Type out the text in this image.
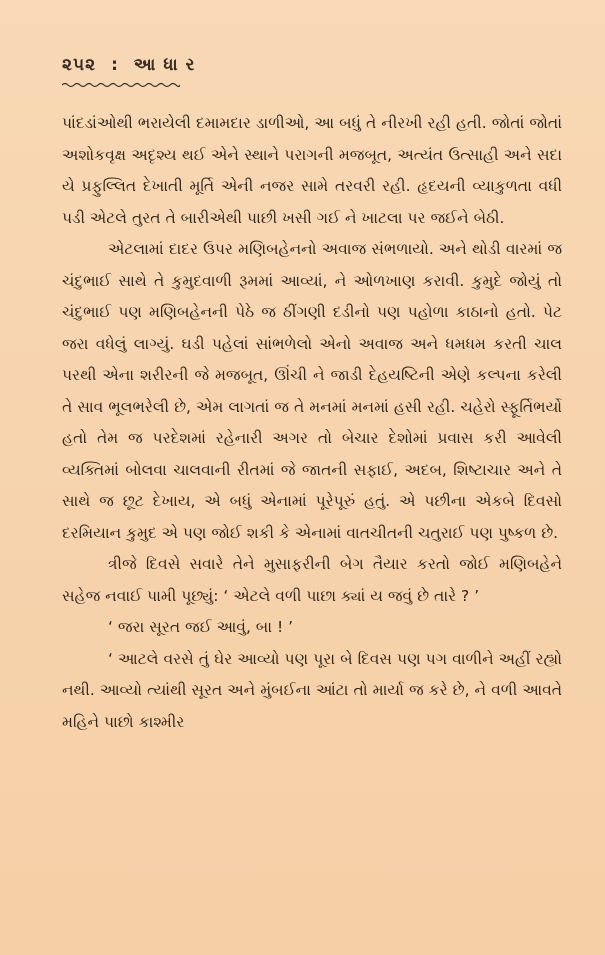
૨૫૨ : આ ધા ર

પાંદડાંઓથી ભરાયેલી દમામદાર ડાળીઓ, આ બધું તે નીરખી રહી હતી. જોતાં જોતાં અશોકવૃક્ષ અદૃશ્ય થઈ એને સ્થાને પરાગની મજબૂત, અત્યંત ઉત્સાહી અને સદા યે પ્રફુલ્લિત દેખાતી મૂર્તિ એની નજર સામે તરવરી રહી. હૃદયની વ્યાકુળતા વધી પડી એટલે તુરત તે બારીએથી પાછી ખસી ગઈ ને ખાટલા પર જઈને બેઠી.

એટલામાં દાદર ઉપર મણિબહેનનો અવાજ સંભળાયો. અને થોડી વારમાં જ ચંદુભાઈ સાથે તે કુમુદવાળી રૂમમાં આવ્યાં, ને ઓળખાણ કરાવી. કુમુદે જોયું તો ચંદુભાઈ પણ મણિબહેનની પેઠે જ ઠીંગણી દડીનો પણ પહોળા કાઠાનો હતો. પેટ જરા વધેલું લાગ્યું. ઘડી પહેલાં સાંભળેલો એનો અવાજ અને ધમધમ કરતી ચાલ પરથી એના શરીરની જે મજબૂત, ઊંચી ને જાડી દેહયષ્ટિની એણે કલ્પના કરેલી તે સાવ ભૂલભરેલી છે, એમ લાગતાં જ તે મનમાં મનમાં હસી રહી. ચહેરો સ્ફૂર્તિભર્યો હતો તેમ જ પરદેશમાં રહેનારી અગર તો બેચાર દેશોમાં પ્રવાસ કરી આવેલી વ્યક્તિમાં બોલવા ચાલવાની રીતમાં જે જાતની સફાઈ, અદબ, શિષ્ટાચાર અને તે સાથે જ છૂટ દેખાય, એ બધું એનામાં પૂરેપૂરું હતું. એ પછીના એકબે દિવસો દરમિયાન કુમુદ એ પણ જોઈ શકી કે એનામાં વાતચીતની ચતુરાઈ પણ પુષ્કળ છે.

ત્રીજે દિવસે સવારે તેને મુસાફરીની બેગ તૈયાર કરતો જોઈ મણિબહેને સહેજ નવાઈ પામી પૂછ્યું: ‘ એટલે વળી પાછા ક્યાં ય જવું છે તારે ? ’

‘ જરા સૂરત જઈ આવું, બા ! ’

‘ આટલે વરસે તું ઘેર આવ્યો પણ પૂરા બે દિવસ પણ પગ વાળીને અહીં રહ્યો નથી. આવ્યો ત્યાંથી સૂરત અને મુંબઈના આંટા તો માર્યા જ કરે છે, ને વળી આવતે મહિને પાછો કાશ્મીર
